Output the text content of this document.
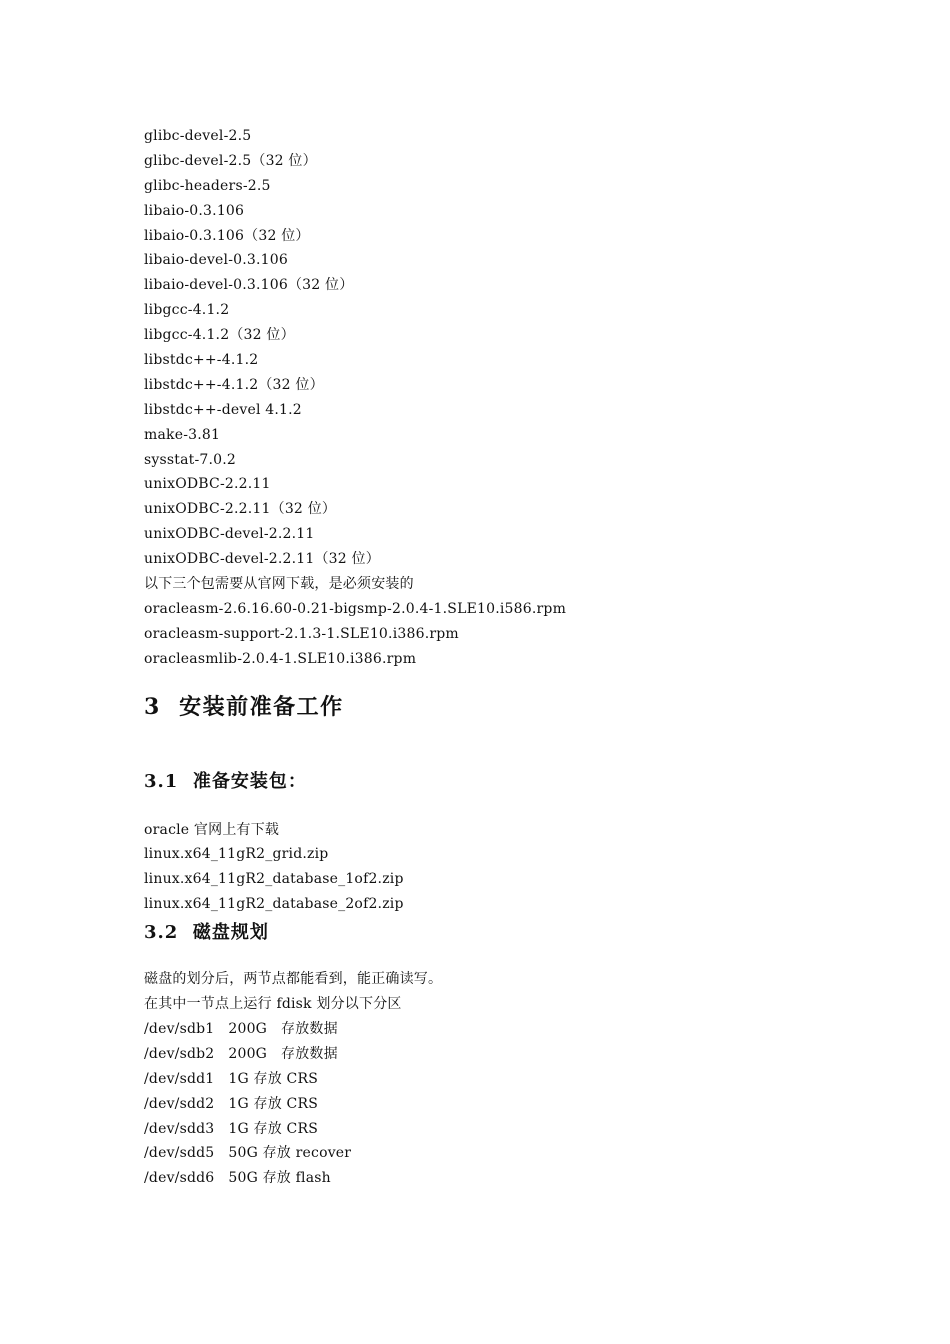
glibc-devel-2.5
glibc-devel-2.5（32 位）
glibc-headers-2.5
libaio-0.3.106
libaio-0.3.106（32 位）
libaio-devel-0.3.106
libaio-devel-0.3.106（32 位）
libgcc-4.1.2
libgcc-4.1.2（32 位）
libstdc++-4.1.2
libstdc++-4.1.2（32 位）
libstdc++-devel 4.1.2
make-3.81
sysstat-7.0.2
unixODBC-2.2.11
unixODBC-2.2.11（32 位）
unixODBC-devel-2.2.11
unixODBC-devel-2.2.11（32 位）
以下三个包需要从官网下载，是必须安装的
oracleasm-2.6.16.60-0.21-bigsmp-2.0.4-1.SLE10.i586.rpm
oracleasm-support-2.1.3-1.SLE10.i386.rpm
oracleasmlib-2.0.4-1.SLE10.i386.rpm
3  安装前准备工作
3.1  准备安装包：
oracle 官网上有下载
linux.x64_11gR2_grid.zip
linux.x64_11gR2_database_1of2.zip
linux.x64_11gR2_database_2of2.zip
3.2  磁盘规划
磁盘的划分后，两节点都能看到，能正确读写。
在其中一节点上运行 fdisk 划分以下分区
/dev/sdb1   200G   存放数据
/dev/sdb2   200G   存放数据
/dev/sdd1   1G 存放 CRS
/dev/sdd2   1G 存放 CRS
/dev/sdd3   1G 存放 CRS
/dev/sdd5   50G 存放 recover
/dev/sdd6   50G 存放 flash
